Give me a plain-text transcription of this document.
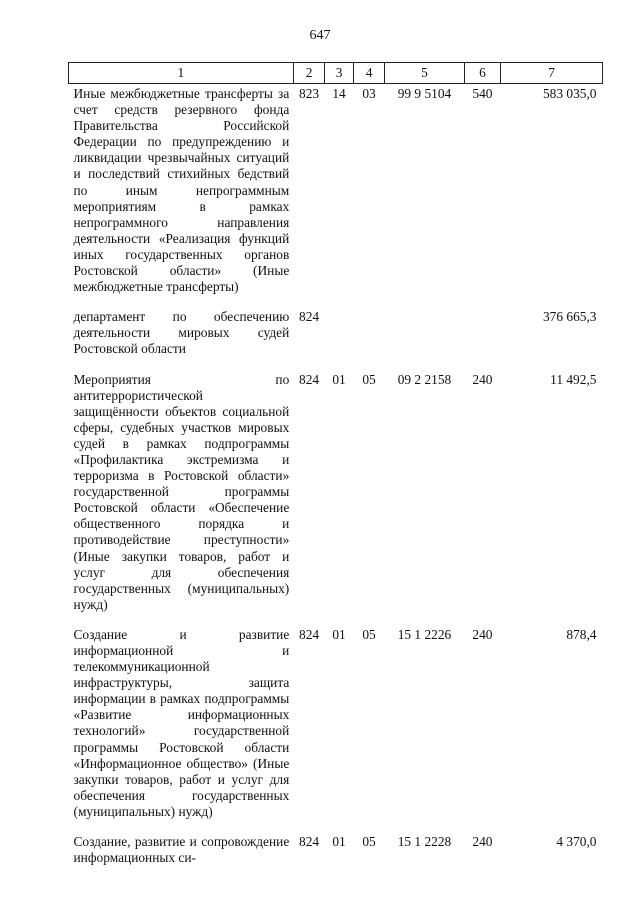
647
1	2	3	4	5	6	7
Иные межбюджетные трансферты за счет средств резервного фонда Правительства Российской Федерации по предупреждению и ликвидации чрезвычайных ситуаций и последствий стихийных бедствий по иным непрограммным мероприятиям в рамках непрограммного направления деятельности «Реализация функций иных государственных органов Ростовской области» (Иные межбюджетные трансферты)	823	14	03	99 9 5104	540	583 035,0
департамент по обеспечению деятельности мировых судей Ростовской области	824					376 665,3
Мероприятия по антитеррористической защищённости объектов социальной сферы, судебных участков мировых судей в рамках подпрограммы «Профилактика экстремизма и терроризма в Ростовской области» государственной программы Ростовской области «Обеспечение общественного порядка и противодействие преступности» (Иные закупки товаров, работ и услуг для обеспечения государственных (муниципальных) нужд)	824	01	05	09 2 2158	240	11 492,5
Создание и развитие информационной и телекоммуникационной инфраструктуры, защита информации в рамках подпрограммы «Развитие информационных технологий» государственной программы Ростовской области «Информационное общество» (Иные закупки товаров, работ и услуг для обеспечения государственных (муниципальных) нужд)	824	01	05	15 1 2226	240	878,4
Создание, развитие и сопровождение информационных си-	824	01	05	15 1 2228	240	4 370,0
